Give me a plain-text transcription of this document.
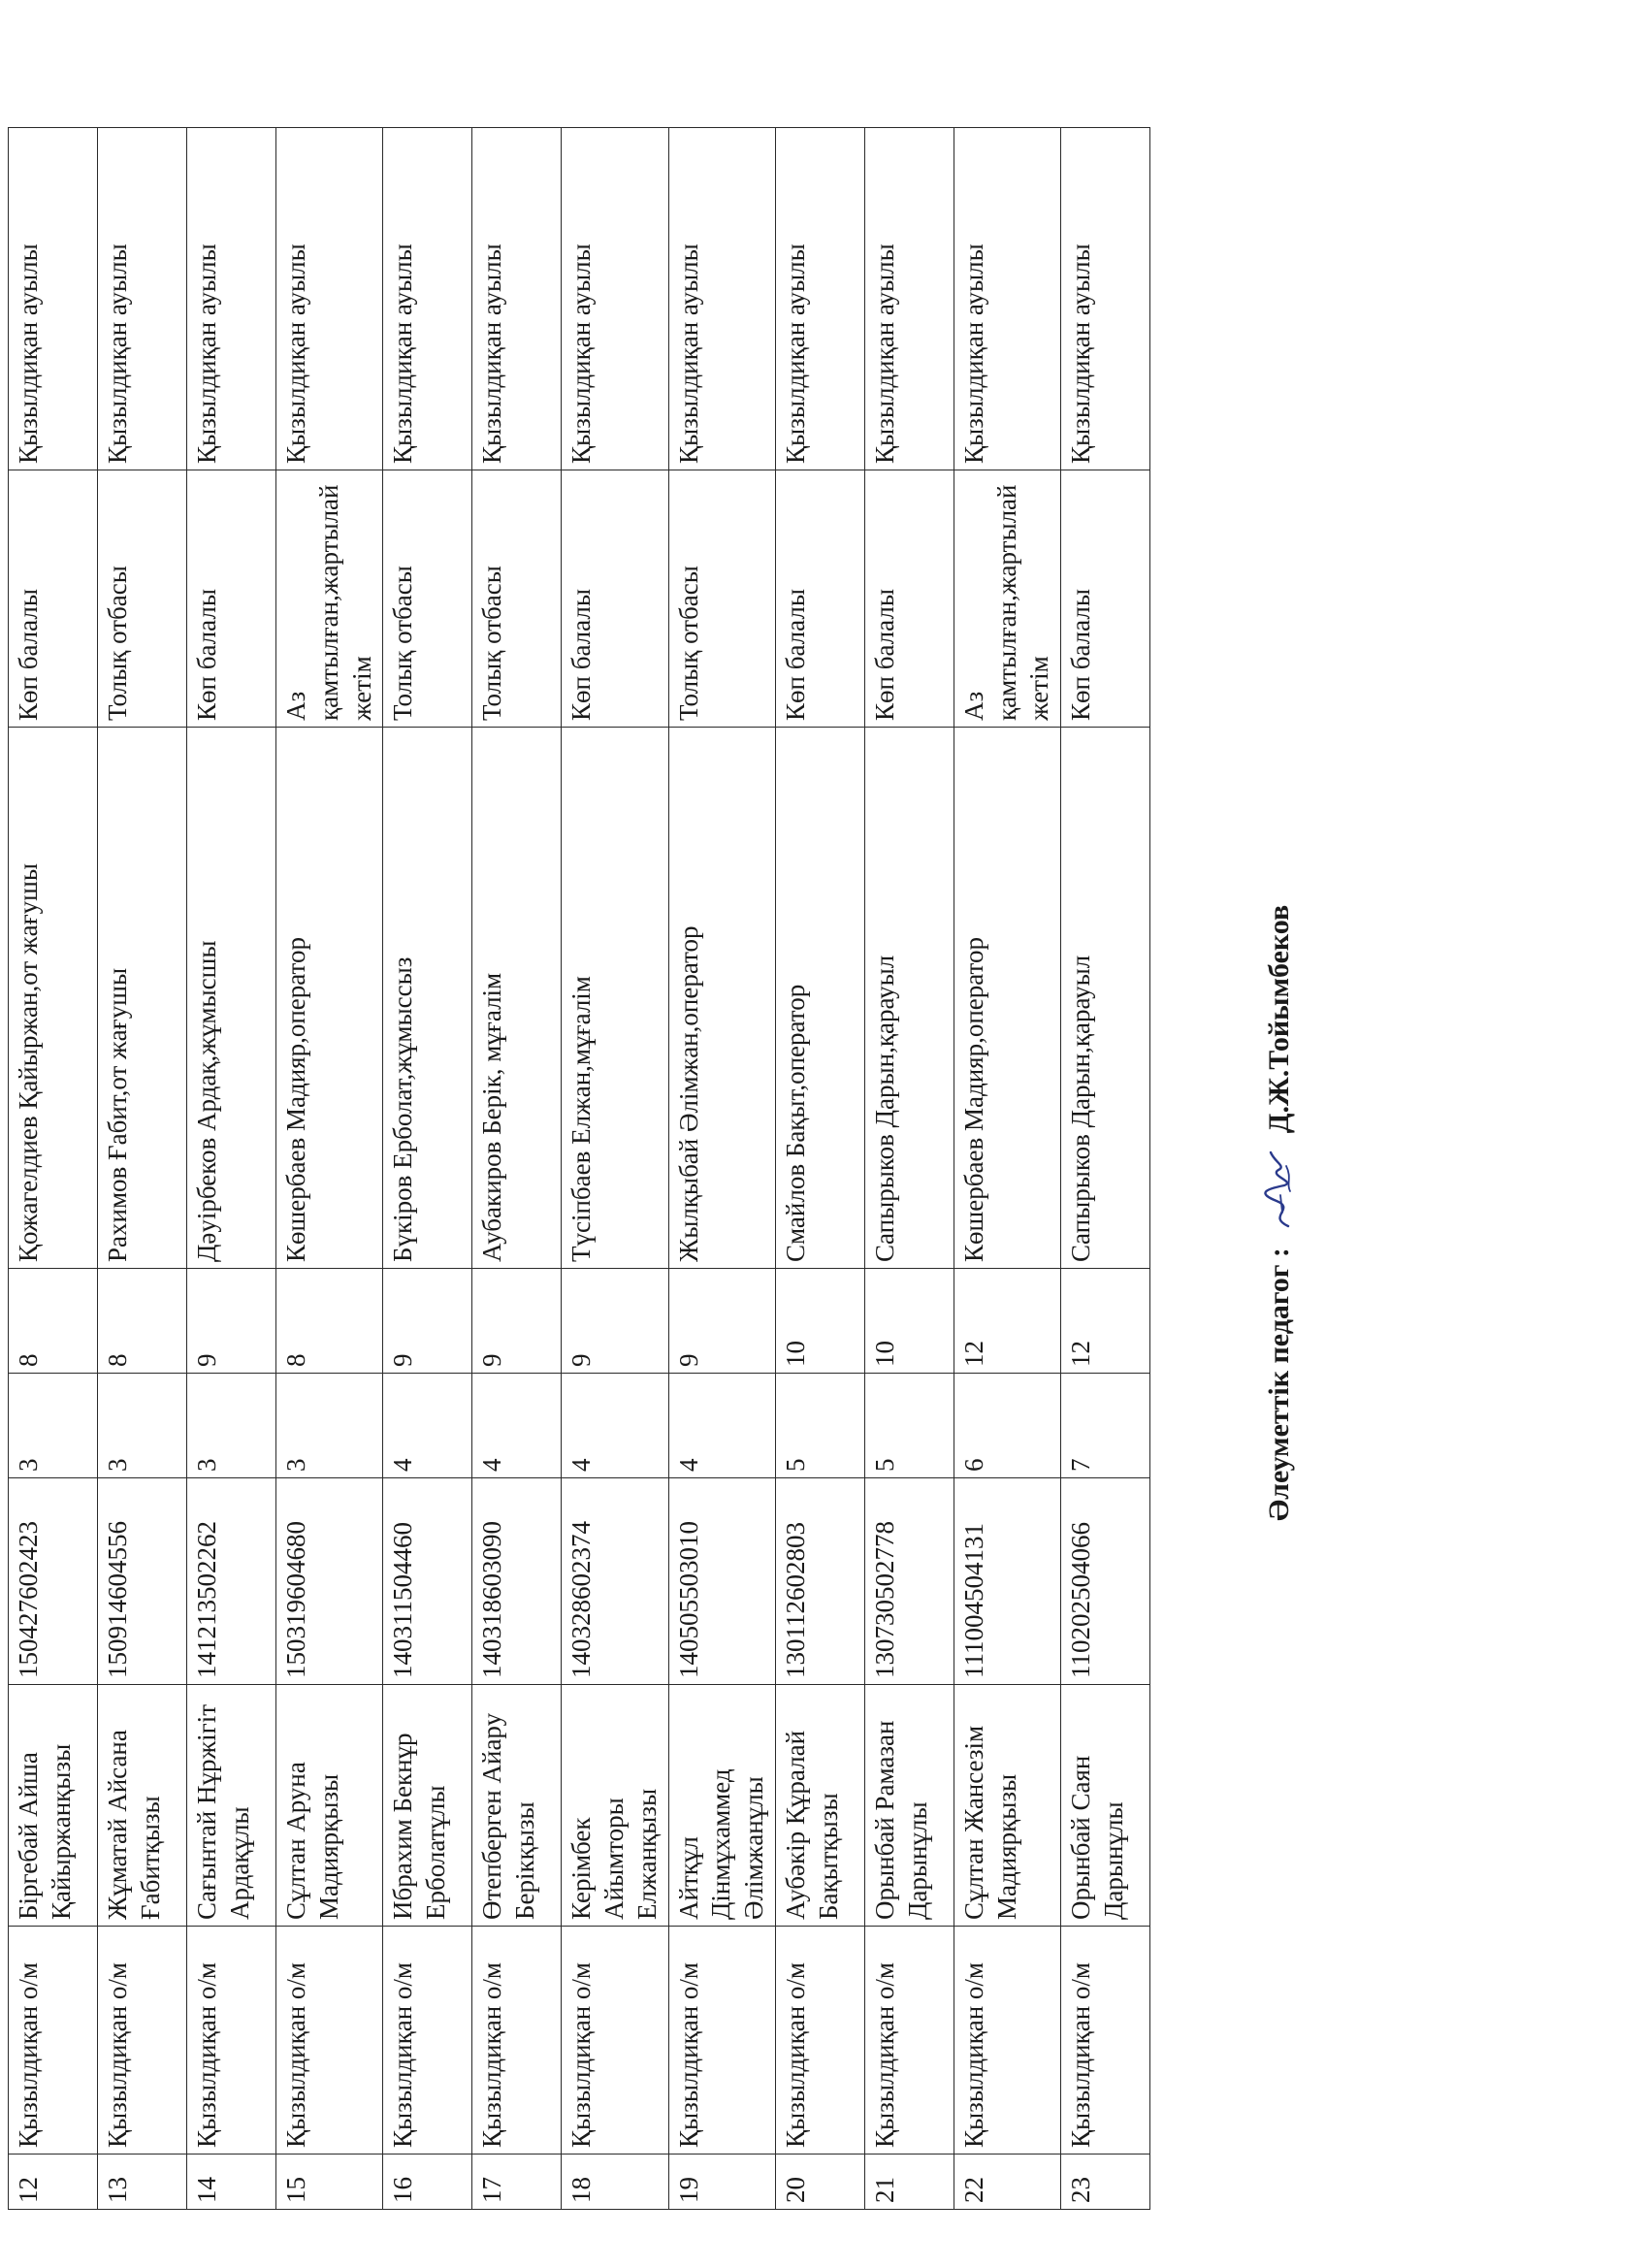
12	Қызылдиқан о/м	Біргебай Айша Қайыржанқызы	150427602423	3	8	Қожагелдиев Қайыржан,от жағушы	Көп балалы	Қызылдиқан ауылы
13	Қызылдиқан о/м	Жұматай Айсана Ғабитқызы	150914604556	3	8	Рахимов Ғабит,от жағушы	Толық отбасы	Қызылдиқан ауылы
14	Қызылдиқан о/м	Сағынтай Нұржігіт Ардақұлы	141213502262	3	9	Дәуірбеков Ардақ,жұмысшы	Көп балалы	Қызылдиқан ауылы
15	Қызылдиқан о/м	Сұлтан Аруна Мадиярқызы	150319604680	3	8	Көшербаев Мадияр,оператор	Аз қамтылған,жартылай жетім	Қызылдиқан ауылы
16	Қызылдиқан о/м	Ибрахим Бекнұр Ерболатұлы	140311504460	4	9	Бүкіров Ерболат,жұмыссыз	Толық отбасы	Қызылдиқан ауылы
17	Қызылдиқан о/м	Өтепберген Айару Берікқызы	140318603090	4	9	Аубакиров Берік, мұғалім	Толық отбасы	Қызылдиқан ауылы
18	Қызылдиқан о/м	Керімбек Айымторы Елжанқызы	140328602374	4	9	Түсіпбаев Елжан,мұғалім	Көп балалы	Қызылдиқан ауылы
19	Қызылдиқан о/м	Айтқұл Дінмұхаммед Әлімжанұлы	140505503010	4	9	Жылқыбай Әлімжан,оператор	Толық отбасы	Қызылдиқан ауылы
20	Қызылдиқан о/м	Аубәкір Құралай Бақытқызы	130112602803	5	10	Смайлов Бақыт,оператор	Көп балалы	Қызылдиқан ауылы
21	Қызылдиқан о/м	Орынбай Рамазан Дарынұлы	130730502778	5	10	Сапырыков Дарын,қарауыл	Көп балалы	Қызылдиқан ауылы
22	Қызылдиқан о/м	Сұлтан Жансезім Мадиярқызы	111004504131	6	12	Көшербаев Мадияр,оператор	Аз қамтылған,жартылай жетім	Қызылдиқан ауылы
23	Қызылдиқан о/м	Орынбай Саян Дарынұлы	110202504066	7	12	Сапырыков Дарын,қарауыл	Көп балалы	Қызылдиқан ауылы
Әлеуметтік педагог :
Д.Ж.Тойымбеков
